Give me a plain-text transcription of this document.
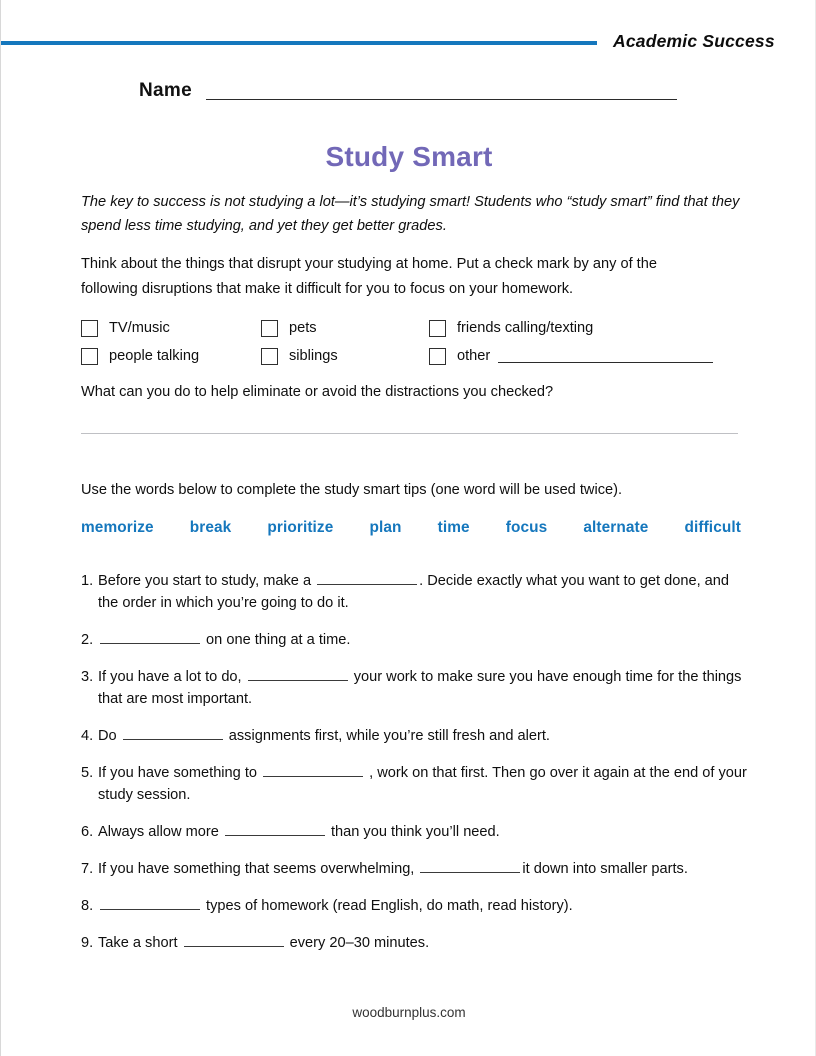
Academic Success
Name
Study Smart
The key to success is not studying a lot—it’s studying smart! Students who “study smart” find that they spend less time studying, and yet they get better grades.
Think about the things that disrupt your studying at home. Put a check mark by any of the following disruptions that make it difficult for you to focus on your homework.
TV/music	pets	friends calling/texting
people talking	siblings	other
What can you do to help eliminate or avoid the distractions you checked?
Use the words below to complete the study smart tips (one word will be used twice).
memorize break prioritize plan time focus alternate difficult
1. Before you start to study, make a	. Decide exactly what you want to get done, and the order in which you’re going to do it.
2.	on one thing at a time.
3. If you have a lot to do,	your work to make sure you have enough time for the things that are most important.
4. Do	assignments first, while you’re still fresh and alert.
5. If you have something to	, work on that first. Then go over it again at the end of your study session.
6. Always allow more	than you think you’ll need.
7. If you have something that seems overwhelming,	it down into smaller parts.
8.	types of homework (read English, do math, read history).
9. Take a short	every 20–30 minutes.
woodburnplus.com
